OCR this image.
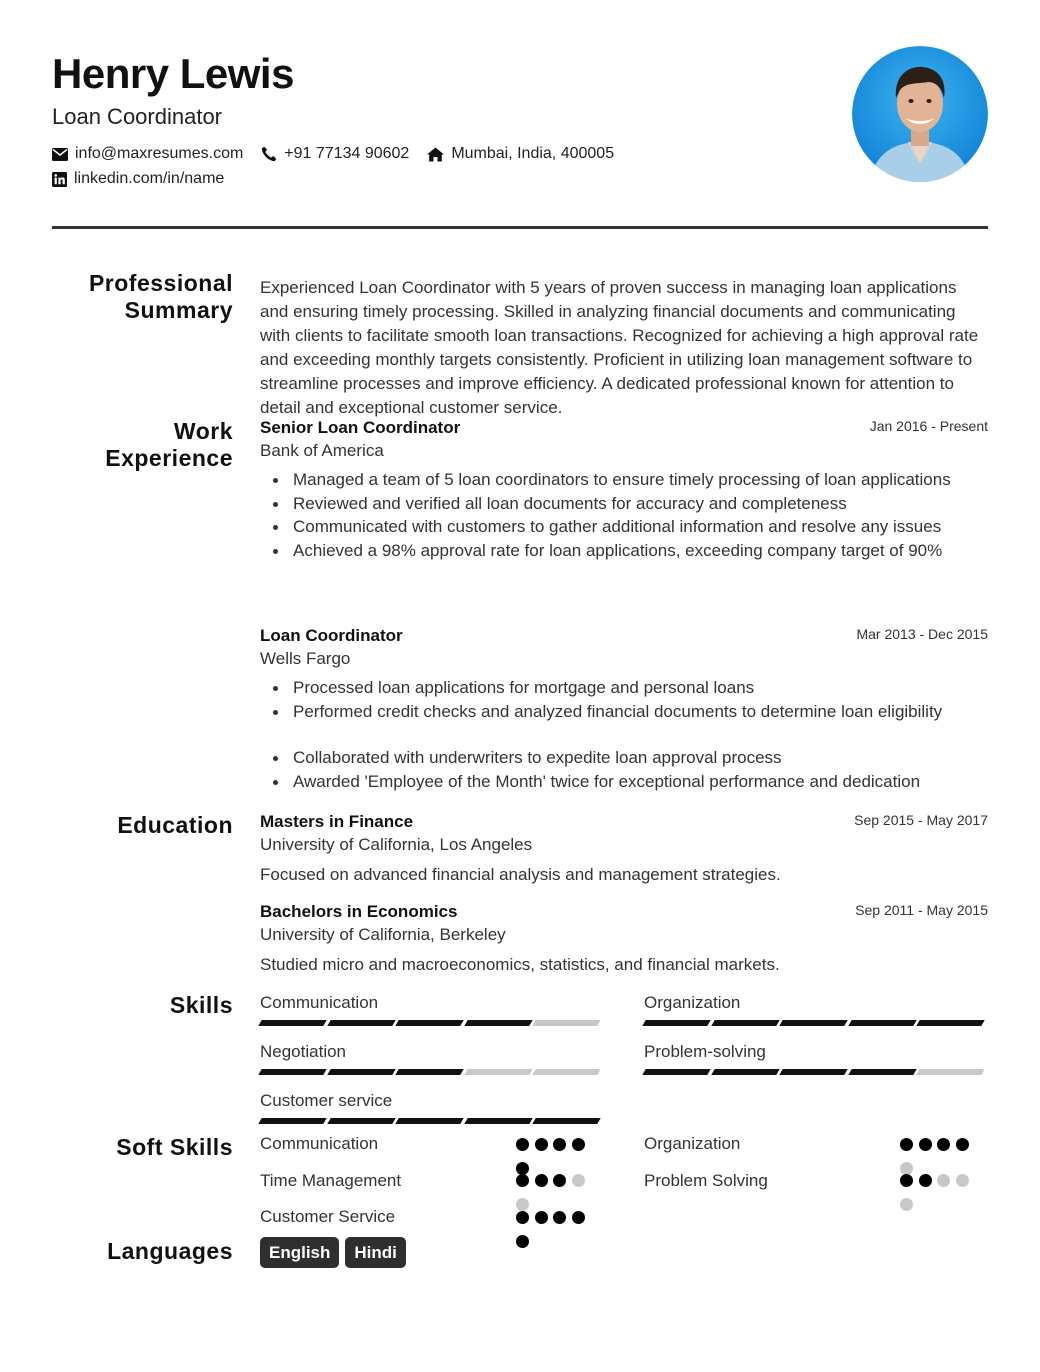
Henry Lewis
Loan Coordinator
info@maxresumes.com	+91 77134 90602	Mumbai, India, 400005
linkedin.com/in/name
Professional
Summary
Experienced Loan Coordinator with 5 years of proven success in managing loan applications and ensuring timely processing. Skilled in analyzing financial documents and communicating with clients to facilitate smooth loan transactions. Recognized for achieving a high approval rate and exceeding monthly targets consistently. Proficient in utilizing loan management software to streamline processes and improve efficiency. A dedicated professional known for attention to detail and exceptional customer service.
Work
Experience
Senior Loan Coordinator	Jan 2016 - Present
Bank of America
Managed a team of 5 loan coordinators to ensure timely processing of loan applications
Reviewed and verified all loan documents for accuracy and completeness
Communicated with customers to gather additional information and resolve any issues
Achieved a 98% approval rate for loan applications, exceeding company target of 90%
Loan Coordinator	Mar 2013 - Dec 2015
Wells Fargo
Processed loan applications for mortgage and personal loans
Performed credit checks and analyzed financial documents to determine loan eligibility
Collaborated with underwriters to expedite loan approval process
Awarded 'Employee of the Month' twice for exceptional performance and dedication
Education Masters in Finance	Sep 2015 - May 2017
University of California, Los Angeles
Focused on advanced financial analysis and management strategies.
Bachelors in Economics	Sep 2011 - May 2015
University of California, Berkeley
Studied micro and macroeconomics, statistics, and financial markets.
Skills Communication	Organization
Negotiation	Problem-solving
Customer service
Soft Skills Communication	Organization
Time Management	Problem Solving
Customer Service
Languages	English Hindi
